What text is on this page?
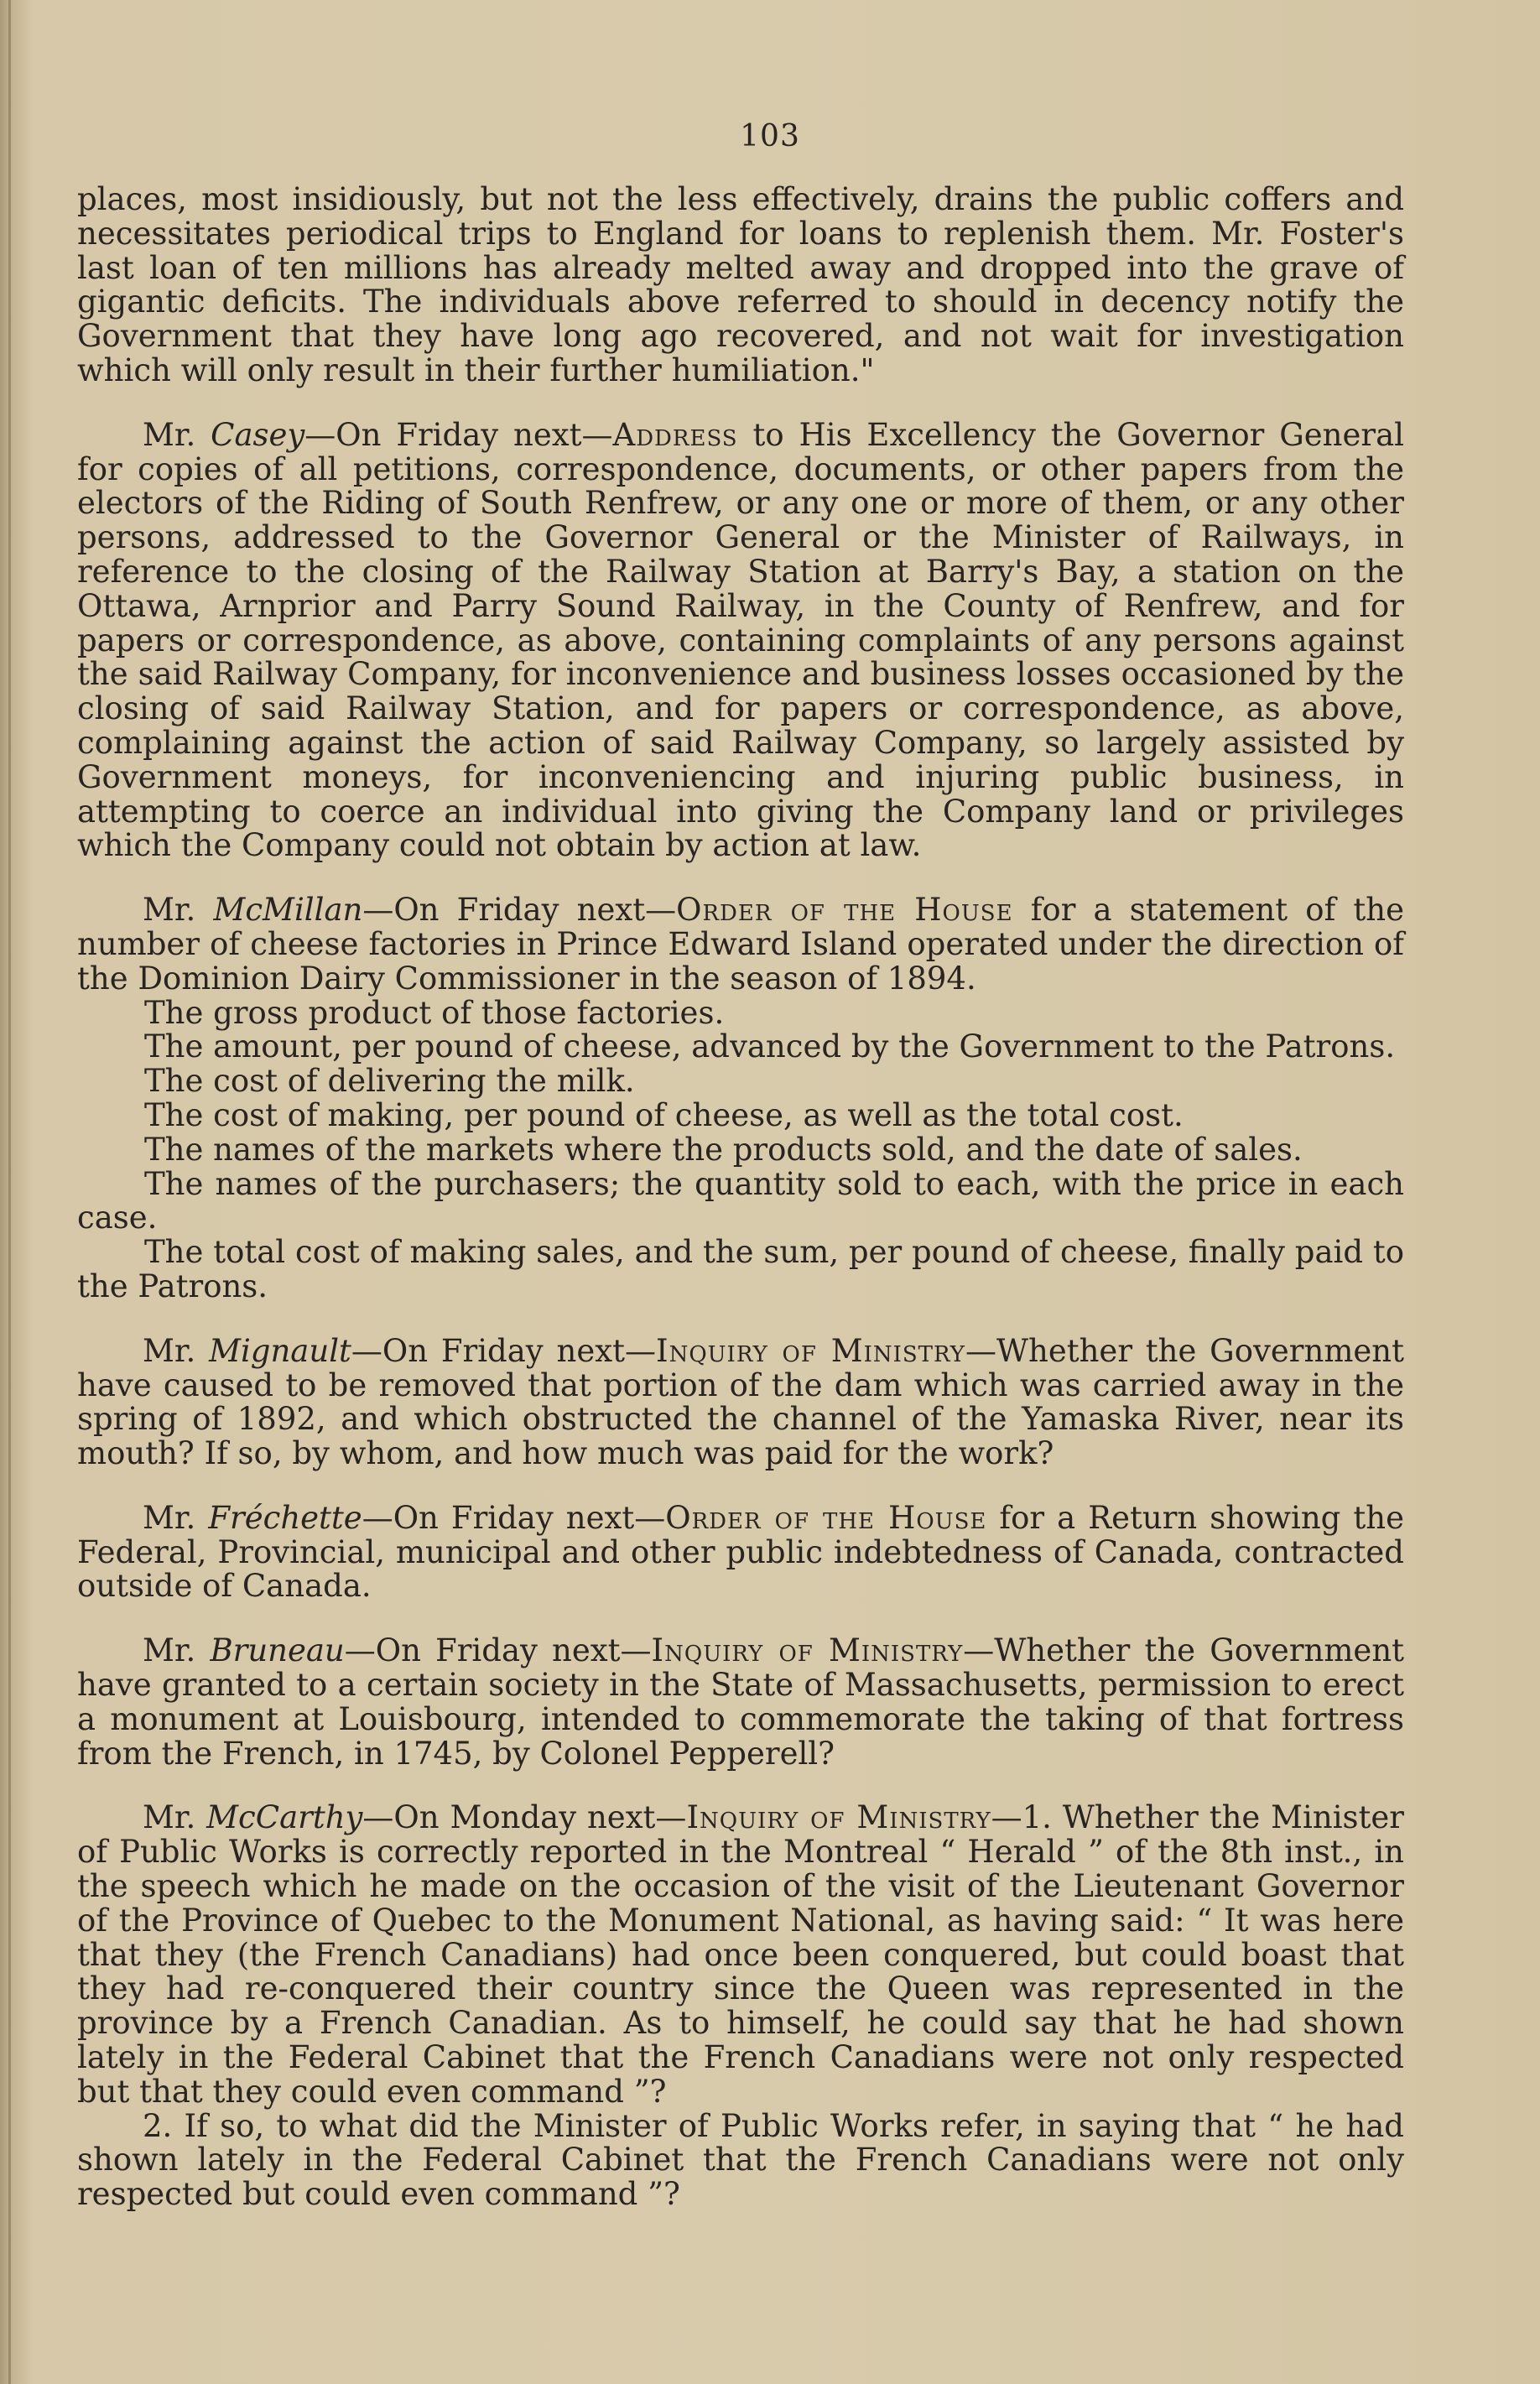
103

places, most insidiously, but not the less effectively, drains the public coffers and necessitates periodical trips to England for loans to replenish them. Mr. Foster's last loan of ten millions has already melted away and dropped into the grave of gigantic deficits. The individuals above referred to should in decency notify the Government that they have long ago recovered, and not wait for investigation which will only result in their further humiliation."

Mr. Casey—On Friday next—Address to His Excellency the Governor General for copies of all petitions, correspondence, documents, or other papers from the electors of the Riding of South Renfrew, or any one or more of them, or any other persons, addressed to the Governor General or the Minister of Railways, in reference to the closing of the Railway Station at Barry's Bay, a station on the Ottawa, Arnprior and Parry Sound Railway, in the County of Renfrew, and for papers or correspondence, as above, containing complaints of any persons against the said Railway Company, for inconvenience and business losses occasioned by the closing of said Railway Station, and for papers or correspondence, as above, complaining against the action of said Railway Company, so largely assisted by Government moneys, for inconveniencing and injuring public business, in attempting to coerce an individual into giving the Company land or privileges which the Company could not obtain by action at law.

Mr. McMillan—On Friday next—Order of the House for a statement of the number of cheese factories in Prince Edward Island operated under the direction of the Dominion Dairy Commissioner in the season of 1894.

The gross product of those factories.

The amount, per pound of cheese, advanced by the Government to the Patrons.

The cost of delivering the milk.

The cost of making, per pound of cheese, as well as the total cost.

The names of the markets where the products sold, and the date of sales.

The names of the purchasers; the quantity sold to each, with the price in each case.

The total cost of making sales, and the sum, per pound of cheese, finally paid to the Patrons.

Mr. Mignault—On Friday next—Inquiry of Ministry—Whether the Government have caused to be removed that portion of the dam which was carried away in the spring of 1892, and which obstructed the channel of the Yamaska River, near its mouth? If so, by whom, and how much was paid for the work?

Mr. Fréchette—On Friday next—Order of the House for a Return showing the Federal, Provincial, municipal and other public indebtedness of Canada, contracted outside of Canada.

Mr. Bruneau—On Friday next—Inquiry of Ministry—Whether the Government have granted to a certain society in the State of Massachusetts, permission to erect a monument at Louisbourg, intended to commemorate the taking of that fortress from the French, in 1745, by Colonel Pepperell?

Mr. McCarthy—On Monday next—Inquiry of Ministry—1. Whether the Minister of Public Works is correctly reported in the Montreal “ Herald ” of the 8th inst., in the speech which he made on the occasion of the visit of the Lieutenant Governor of the Province of Quebec to the Monument National, as having said: “ It was here that they (the French Canadians) had once been conquered, but could boast that they had re-conquered their country since the Queen was represented in the province by a French Canadian. As to himself, he could say that he had shown lately in the Federal Cabinet that the French Canadians were not only respected but that they could even command ”?

2. If so, to what did the Minister of Public Works refer, in saying that “ he had shown lately in the Federal Cabinet that the French Canadians were not only respected but could even command ”?
